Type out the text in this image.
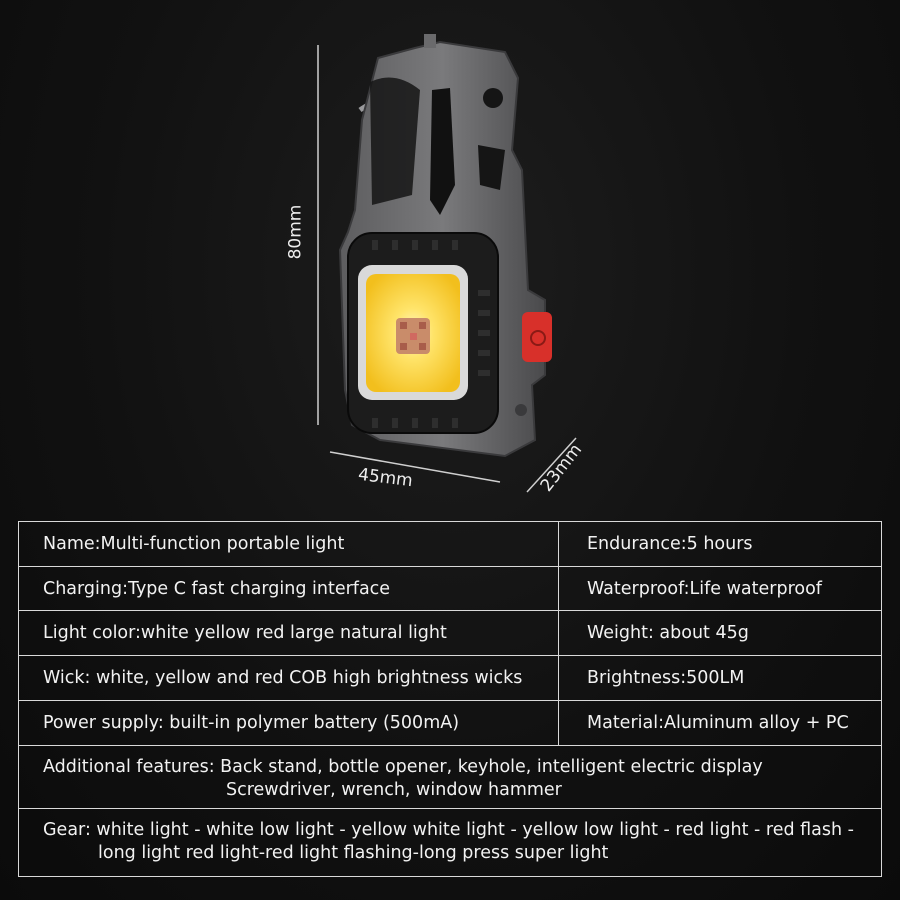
80mm
45mm	23mm
Name:Multi-function portable light	Endurance:5 hours
Charging:Type C fast charging interface	Waterproof:Life waterproof
Light color:white yellow red large natural light	Weight: about 45g
Wick: white, yellow and red COB high brightness wicks	Brightness:500LM
Power supply: built-in polymer battery (500mA)	Material:Aluminum alloy + PC
Additional features: Back stand, bottle opener, keyhole, intelligent electric display
Screwdriver, wrench, window hammer
Gear: white light - white low light - yellow white light - yellow low light - red light - red flash -
long light red light-red light flashing-long press super light
